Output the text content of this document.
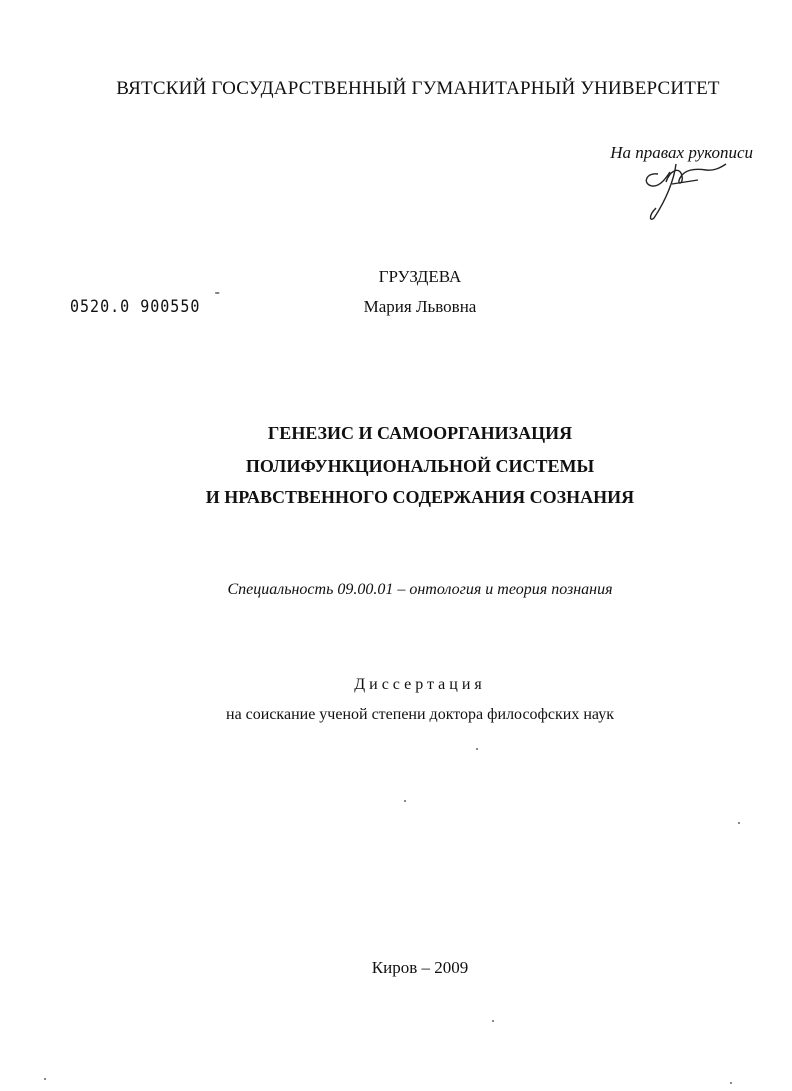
ВЯТСКИЙ ГОСУДАРСТВЕННЫЙ ГУМАНИТАРНЫЙ УНИВЕРСИТЕТ
На правах рукописи
ГРУЗДЕВА
Мария Львовна
0520.0 900550 ˉ
ГЕНЕЗИС И САМООРГАНИЗАЦИЯ
ПОЛИФУНКЦИОНАЛЬНОЙ СИСТЕМЫ
И НРАВСТВЕННОГО СОДЕРЖАНИЯ СОЗНАНИЯ
Специальность 09.00.01 – онтология и теория познания
Диссертация
на соискание ученой степени доктора философских наук
Киров – 2009
